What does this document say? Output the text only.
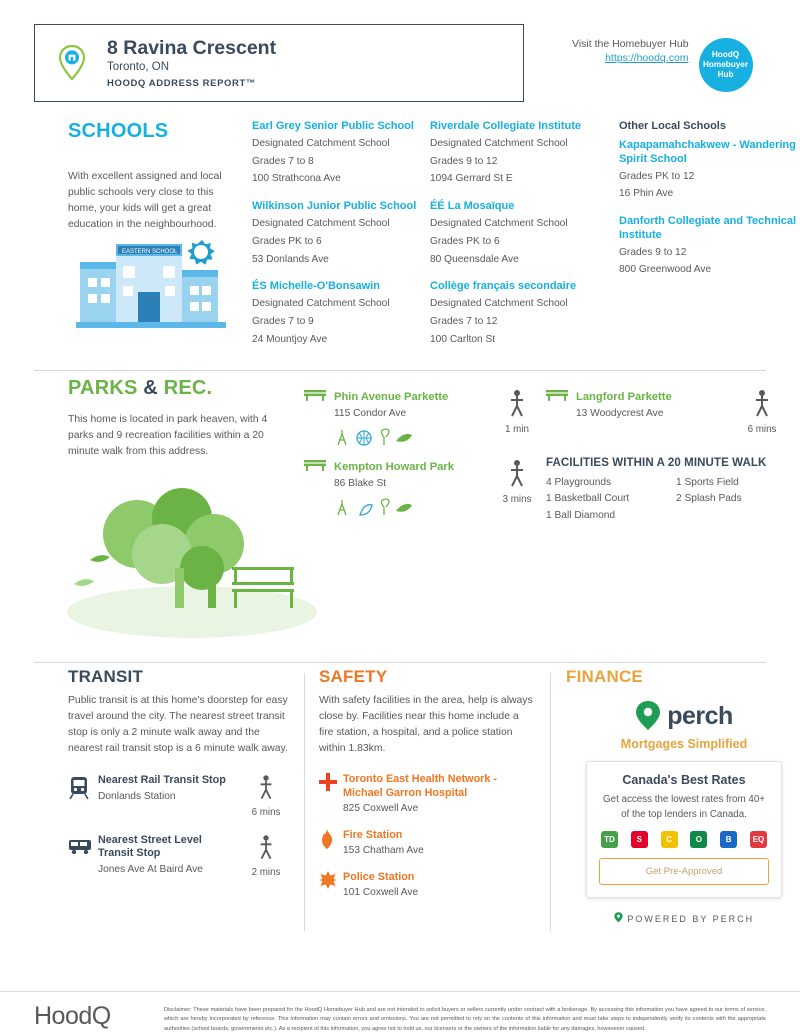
8 Ravina Crescent
Toronto, ON
HOODQ ADDRESS REPORT™
Visit the Homebuyer Hub
https://hoodq.com	HoodQ
Homebuyer
Hub
SCHOOLS
With excellent assigned and local public schools very close to this home, your kids will get a great education in the neighbourhood.
Earl Grey Senior Public School
Designated Catchment School
Grades 7 to 8
100 Strathcona Ave
Wilkinson Junior Public School
Designated Catchment School
Grades PK to 6
53 Donlands Ave
ÉS Michelle-O'Bonsawin
Designated Catchment School
Grades 7 to 9
24 Mountjoy Ave
Riverdale Collegiate Institute
Designated Catchment School
Grades 9 to 12
1094 Gerrard St E
ÉÉ La Mosaïque
Designated Catchment School
Grades PK to 6
80 Queensdale Ave
Collège français secondaire
Designated Catchment School
Grades 7 to 12
100 Carlton St
Other Local Schools
Kapapamahchakwew - Wandering Spirit School
Grades PK to 12
16 Phin Ave
Danforth Collegiate and Technical Institute
Grades 9 to 12
800 Greenwood Ave
EASTERN SCHOOL
PARKS & REC.
This home is located in park heaven, with 4 parks and 9 recreation facilities within a 20 minute walk from this address.
Phin Avenue Parkette
115 Condor Ave
1 min
Langford Parkette
13 Woodycrest Ave
6 mins
Kempton Howard Park
86 Blake St
3 mins
FACILITIES WITHIN A 20 MINUTE WALK
4 Playgrounds
1 Basketball Court
1 Ball Diamond
1 Sports Field
2 Splash Pads
TRANSIT
Public transit is at this home's doorstep for easy travel around the city. The nearest street transit stop is only a 2 minute walk away and the nearest rail transit stop is a 6 minute walk away.
Nearest Rail Transit Stop
Donlands Station
6 mins
Nearest Street Level Transit Stop
Jones Ave At Baird Ave	2 mins
SAFETY
With safety facilities in the area, help is always close by. Facilities near this home include a fire station, a hospital, and a police station within 1.83km.
Toronto East Health Network - Michael Garron Hospital
825 Coxwell Ave
Fire Station
153 Chatham Ave
Police Station
101 Coxwell Ave
FINANCE
perch
Mortgages Simplified
Canada's Best Rates
Get access the lowest rates from 40+ of the top lenders in Canada.
TD	S	C	O	B	EQ
Get Pre-Approved
POWERED BY PERCH
HoodQ	Disclaimer: These materials have been prepared for the HoodQ Homebuyer Hub and are not intended to solicit buyers or sellers currently under contract with a brokerage. By accessing this information you have agreed to our terms of service, which are hereby incorporated by reference. This information may contain errors and omissions. You are not permitted to rely on the contents of this information and must take steps to independently verify its contents with the appropriate authorities (school boards, governments etc.). As a recipient of this information, you agree not to hold us, our licensors or the owners of the information liable for any damages, howsoever caused.
